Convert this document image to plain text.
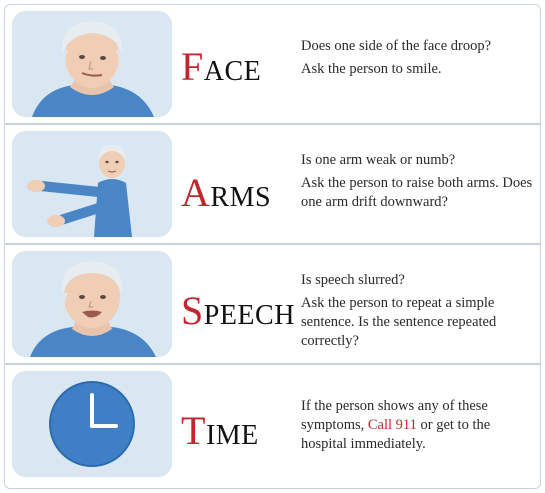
FACE

Does one side of the face droop?

Ask the person to smile.

ARMS

Is one arm weak or numb?

Ask the person to raise both arms. Does one arm drift downward?

SPEECH

Is speech slurred?

Ask the person to repeat a simple sentence. Is the sentence repeated correctly?

TIME

If the person shows any of these symptoms, Call 911 or get to the hospital immediately.
